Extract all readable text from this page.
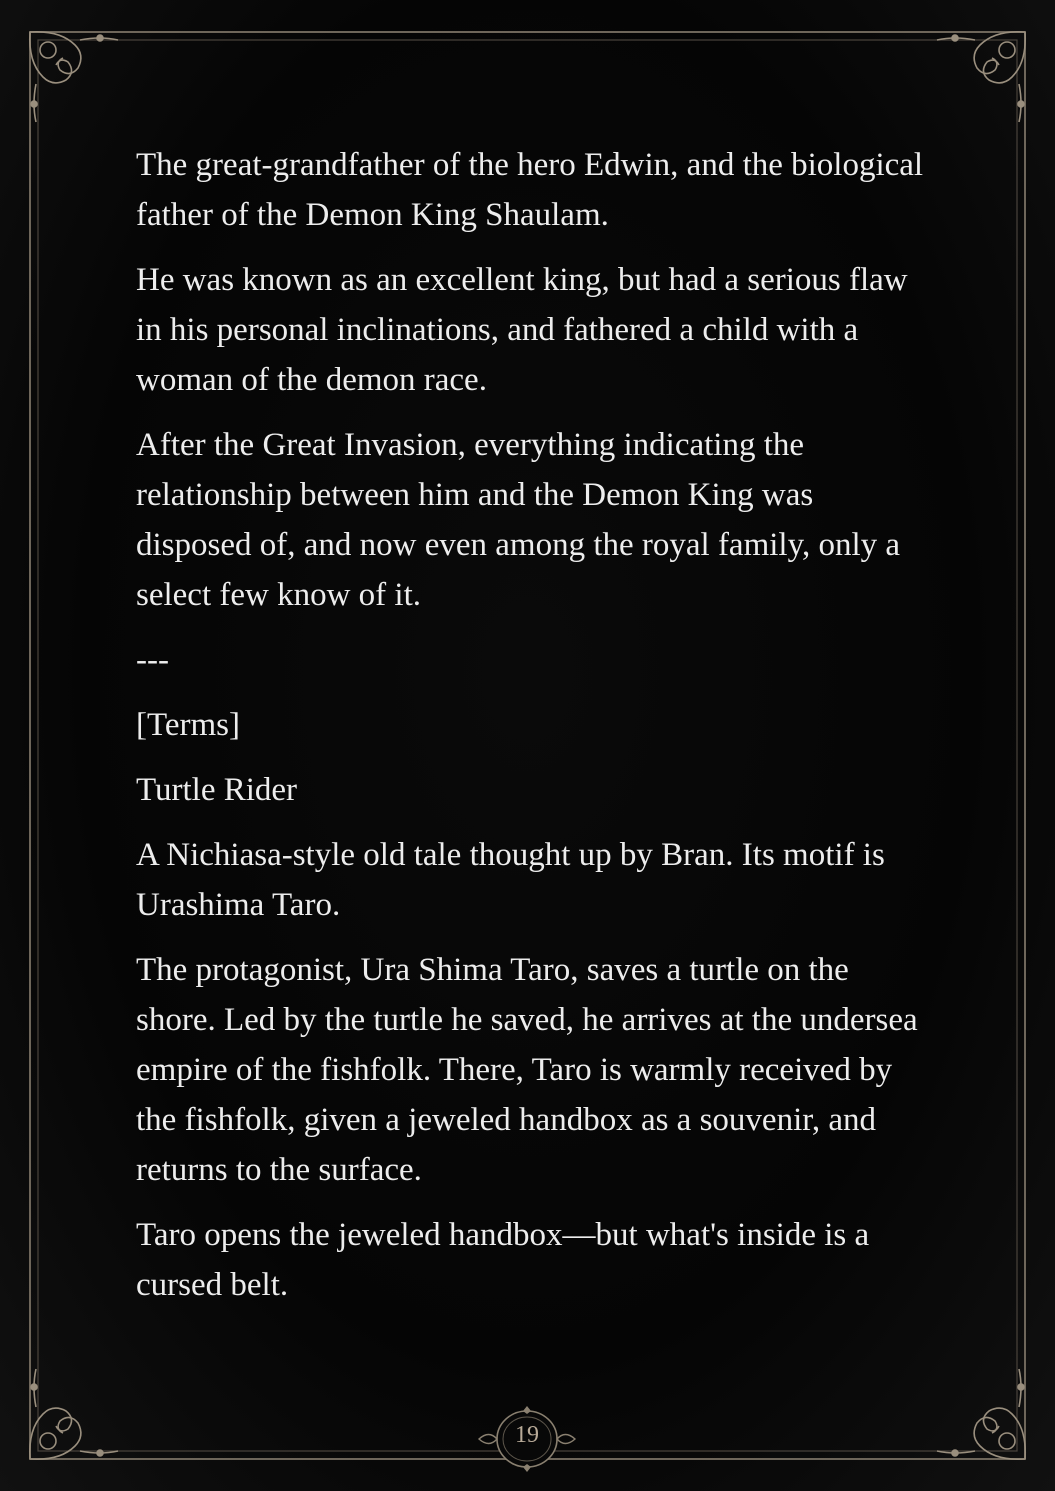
The great-grandfather of the hero Edwin, and the biological father of the Demon King Shaulam.

He was known as an excellent king, but had a serious flaw in his personal inclinations, and fathered a child with a woman of the demon race.

After the Great Invasion, everything indicating the relationship between him and the Demon King was disposed of, and now even among the royal family, only a select few know of it.

---

[Terms]

Turtle Rider

A Nichiasa-style old tale thought up by Bran. Its motif is Urashima Taro.

The protagonist, Ura Shima Taro, saves a turtle on the shore. Led by the turtle he saved, he arrives at the undersea empire of the fishfolk. There, Taro is warmly received by the fishfolk, given a jeweled handbox as a souvenir, and returns to the surface.

Taro opens the jeweled handbox—but what's inside is a cursed belt.

19
